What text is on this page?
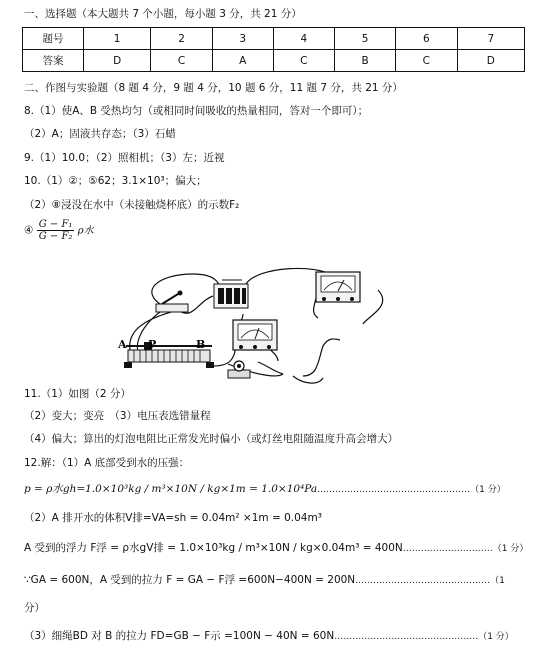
一、选择题（本大题共 7 个小题，每小题 3 分，共 21 分）
题号	1	2	3	4	5	6	7
答案	D	C	A	C	B	C	D
二、作图与实验题（8 题 4 分，9 题 4 分，10 题 6 分，11 题 7 分，共 21 分）
8.（1）使A、B 受热均匀（或相同时间吸收的热量相同，答对一个即可）；
（2）A；固液共存态；（3）石蜡
9.（1）10.0；（2）照相机；（3）左；近视
10.（1）②；⑤62；3.1×10³；偏大；
（2）⑧浸没在水中（未接触烧杯底）的示数F₂
④ $\frac{\text{G − F₁}}{\text{G − F₂}}$ ρ水
A P	B
11.（1）如图（2 分）
（2）变大；变亮　（3）电压表选错量程
（4）偏大；算出的灯泡电阻比正常发光时偏小（或灯丝电阻随温度升高会增大）
12.解：（1）A 底部受到水的压强：
p = ρ水gh=1.0×10³kg / m³×10N / kg×1m = 1.0×10⁴Pa……………………………………………（1 分）
（2）A 排开水的体积V排=VA=sh = 0.04m² ×1m = 0.04m³
A 受到的浮力 F浮 = ρ水gV排 = 1.0×10³kg / m³×10N / kg×0.04m³ = 400N…………………………（1 分）
∵GA = 600N，A 受到的拉力 F = GA − F浮 =600N−400N = 200N………………………………………（1
分）
（3）细绳BD 对 B 的拉力 FD=GB − F示 =100N − 40N = 60N…………………………………………（1 分）
